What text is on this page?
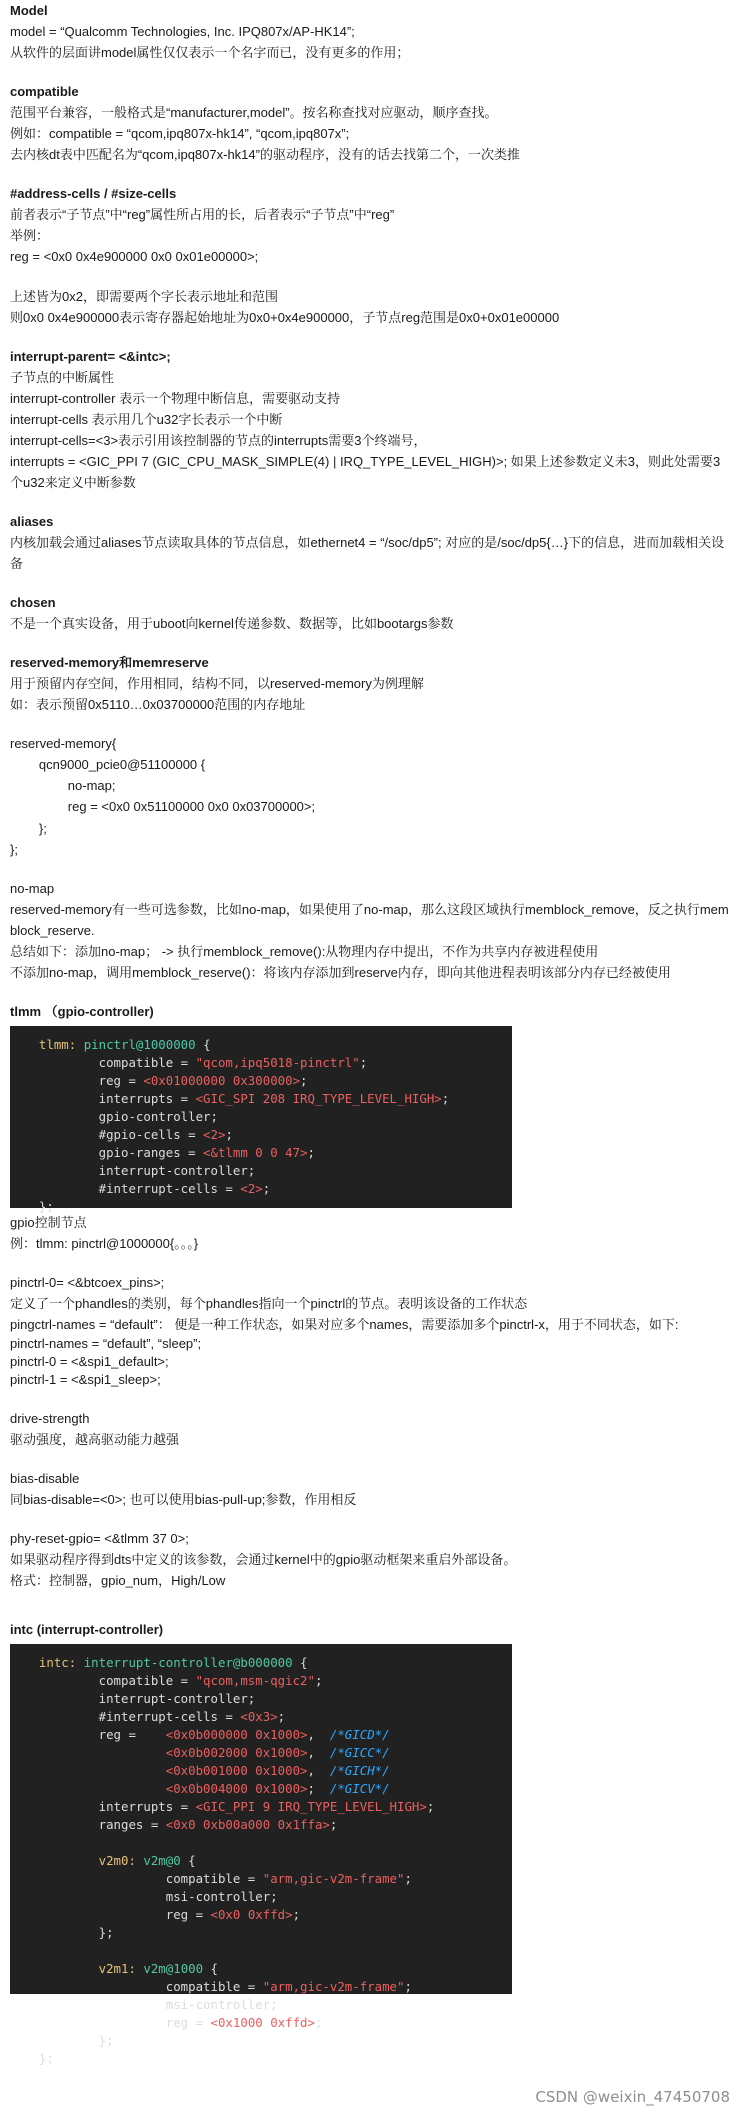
Model
model = “Qualcomm Technologies, Inc. IPQ807x/AP-HK14”;
从软件的层面讲model属性仅仅表示一个名字而已，没有更多的作用；
compatible
范围平台兼容，一般格式是“manufacturer,model”。按名称查找对应驱动，顺序查找。
例如：compatible = “qcom,ipq807x-hk14”, “qcom,ipq807x”;
去内核dt表中匹配名为“qcom,ipq807x-hk14”的驱动程序，没有的话去找第二个，一次类推
#address-cells / #size-cells
前者表示“子节点”中“reg”属性所占用的长，后者表示“子节点”中“reg”
举例：
reg = <0x0 0x4e900000 0x0 0x01e00000>;
上述皆为0x2，即需要两个字长表示地址和范围
则0x0 0x4e900000表示寄存器起始地址为0x0+0x4e900000，子节点reg范围是0x0+0x01e00000
interrupt-parent= <&intc>;
子节点的中断属性
interrupt-controller 表示一个物理中断信息，需要驱动支持
interrupt-cells 表示用几个u32字长表示一个中断
interrupt-cells=<3>表示引用该控制器的节点的interrupts需要3个终端号，
interrupts = <GIC_PPI 7 (GIC_CPU_MASK_SIMPLE(4) | IRQ_TYPE_LEVEL_HIGH)>; 如果上述参数定义未3，则此处需要3个u32来定义中断参数
aliases
内核加载会通过aliases节点读取具体的节点信息，如ethernet4 = “/soc/dp5”; 对应的是/soc/dp5{…}下的信息，进而加载相关设备
chosen
不是一个真实设备，用于uboot向kernel传递参数、数据等，比如bootargs参数
reserved-memory和memreserve
用于预留内存空间，作用相同，结构不同，以reserved-memory为例理解
如：表示预留0x5110…0x03700000范围的内存地址
reserved-memory{
qcn9000_pcie0@51100000 {
no-map;
reg = <0x0 0x51100000 0x0 0x03700000>;
};
};
no-map
reserved-memory有一些可选参数，比如no-map，如果使用了no-map，那么这段区域执行memblock_remove，反之执行memblock_reserve.
总结如下：添加no-map； -> 执行memblock_remove():从物理内存中提出，不作为共享内存被进程使用
不添加no-map，调用memblock_reserve()：将该内存添加到reserve内存，即向其他进程表明该部分内存已经被使用
tlmm （gpio-controller)
tlmm: pinctrl@1000000 {
compatible = "qcom,ipq5018-pinctrl";
reg = <0x01000000 0x300000>;
interrupts = <GIC_SPI 208 IRQ_TYPE_LEVEL_HIGH>;
gpio-controller;
#gpio-cells = <2>;
gpio-ranges = <&tlmm 0 0 47>;
interrupt-controller;
#interrupt-cells = <2>;
};
gpio控制节点
例：tlmm: pinctrl@1000000{。。。}
pinctrl-0= <&btcoex_pins>;
定义了一个phandles的类别，每个phandles指向一个pinctrl的节点。表明该设备的工作状态
pingctrl-names = “default”： 便是一种工作状态，如果对应多个names，需要添加多个pinctrl-x，用于不同状态，如下:
pinctrl-names = “default”, “sleep”;
pinctrl-0 = <&spi1_default>;
pinctrl-1 = <&spi1_sleep>;
drive-strength
驱动强度，越高驱动能力越强
bias-disable
同bias-disable=<0>; 也可以使用bias-pull-up;参数，作用相反
phy-reset-gpio= <&tlmm 37 0>;
如果驱动程序得到dts中定义的该参数，会通过kernel中的gpio驱动框架来重启外部设备。
格式：控制器，gpio_num，High/Low
intc (interrupt-controller)
intc: interrupt-controller@b000000 {
compatible = "qcom,msm-qgic2";
interrupt-controller;
#interrupt-cells = <0x3>;
reg =    <0x0b000000 0x1000>,  /*GICD*/
<0x0b002000 0x1000>,  /*GICC*/
<0x0b001000 0x1000>,  /*GICH*/
<0x0b004000 0x1000>;  /*GICV*/
interrupts = <GIC_PPI 9 IRQ_TYPE_LEVEL_HIGH>;
ranges = <0x0 0xb00a000 0x1ffa>;

v2m0: v2m@0 {
compatible = "arm,gic-v2m-frame";
msi-controller;
reg = <0x0 0xffd>;
};

v2m1: v2m@1000 {
compatible = "arm,gic-v2m-frame";
msi-controller;
reg = <0x1000 0xffd>;
};
};
CSDN @weixin_47450708
